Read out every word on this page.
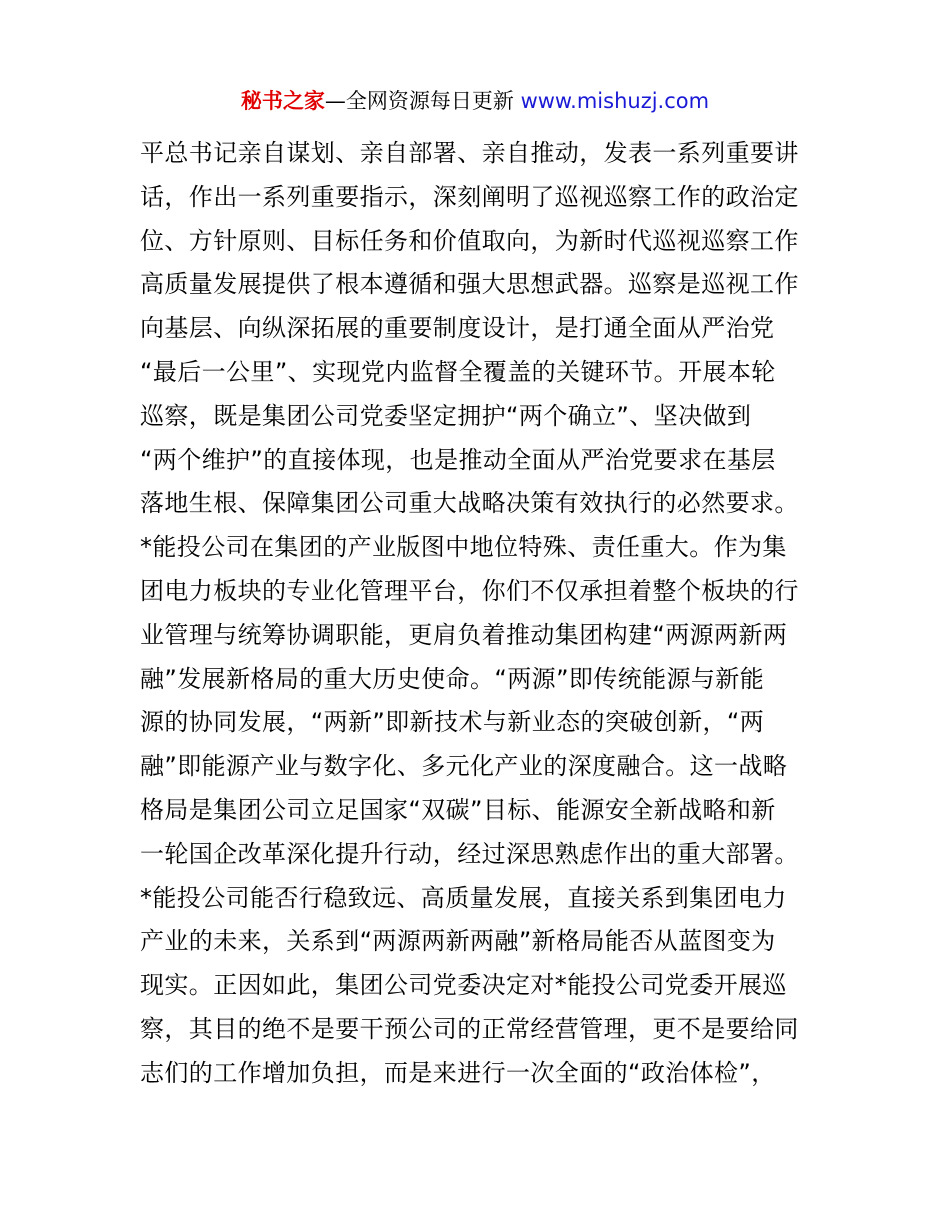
秘书之家—全网资源每日更新 www.mishuzj.com
平总书记亲自谋划、亲自部署、亲自推动，发表一系列重要讲
话，作出一系列重要指示，深刻阐明了巡视巡察工作的政治定
位、方针原则、目标任务和价值取向，为新时代巡视巡察工作
高质量发展提供了根本遵循和强大思想武器。巡察是巡视工作
向基层、向纵深拓展的重要制度设计，是打通全面从严治党
“最后一公里”、实现党内监督全覆盖的关键环节。开展本轮
巡察，既是集团公司党委坚定拥护“两个确立”、坚决做到
“两个维护”的直接体现，也是推动全面从严治党要求在基层
落地生根、保障集团公司重大战略决策有效执行的必然要求。
*能投公司在集团的产业版图中地位特殊、责任重大。作为集
团电力板块的专业化管理平台，你们不仅承担着整个板块的行
业管理与统筹协调职能，更肩负着推动集团构建“两源两新两
融”发展新格局的重大历史使命。“两源”即传统能源与新能
源的协同发展，“两新”即新技术与新业态的突破创新，“两
融”即能源产业与数字化、多元化产业的深度融合。这一战略
格局是集团公司立足国家“双碳”目标、能源安全新战略和新
一轮国企改革深化提升行动，经过深思熟虑作出的重大部署。
*能投公司能否行稳致远、高质量发展，直接关系到集团电力
产业的未来，关系到“两源两新两融”新格局能否从蓝图变为
现实。正因如此，集团公司党委决定对*能投公司党委开展巡
察，其目的绝不是要干预公司的正常经营管理，更不是要给同
志们的工作增加负担，而是来进行一次全面的“政治体检”，
